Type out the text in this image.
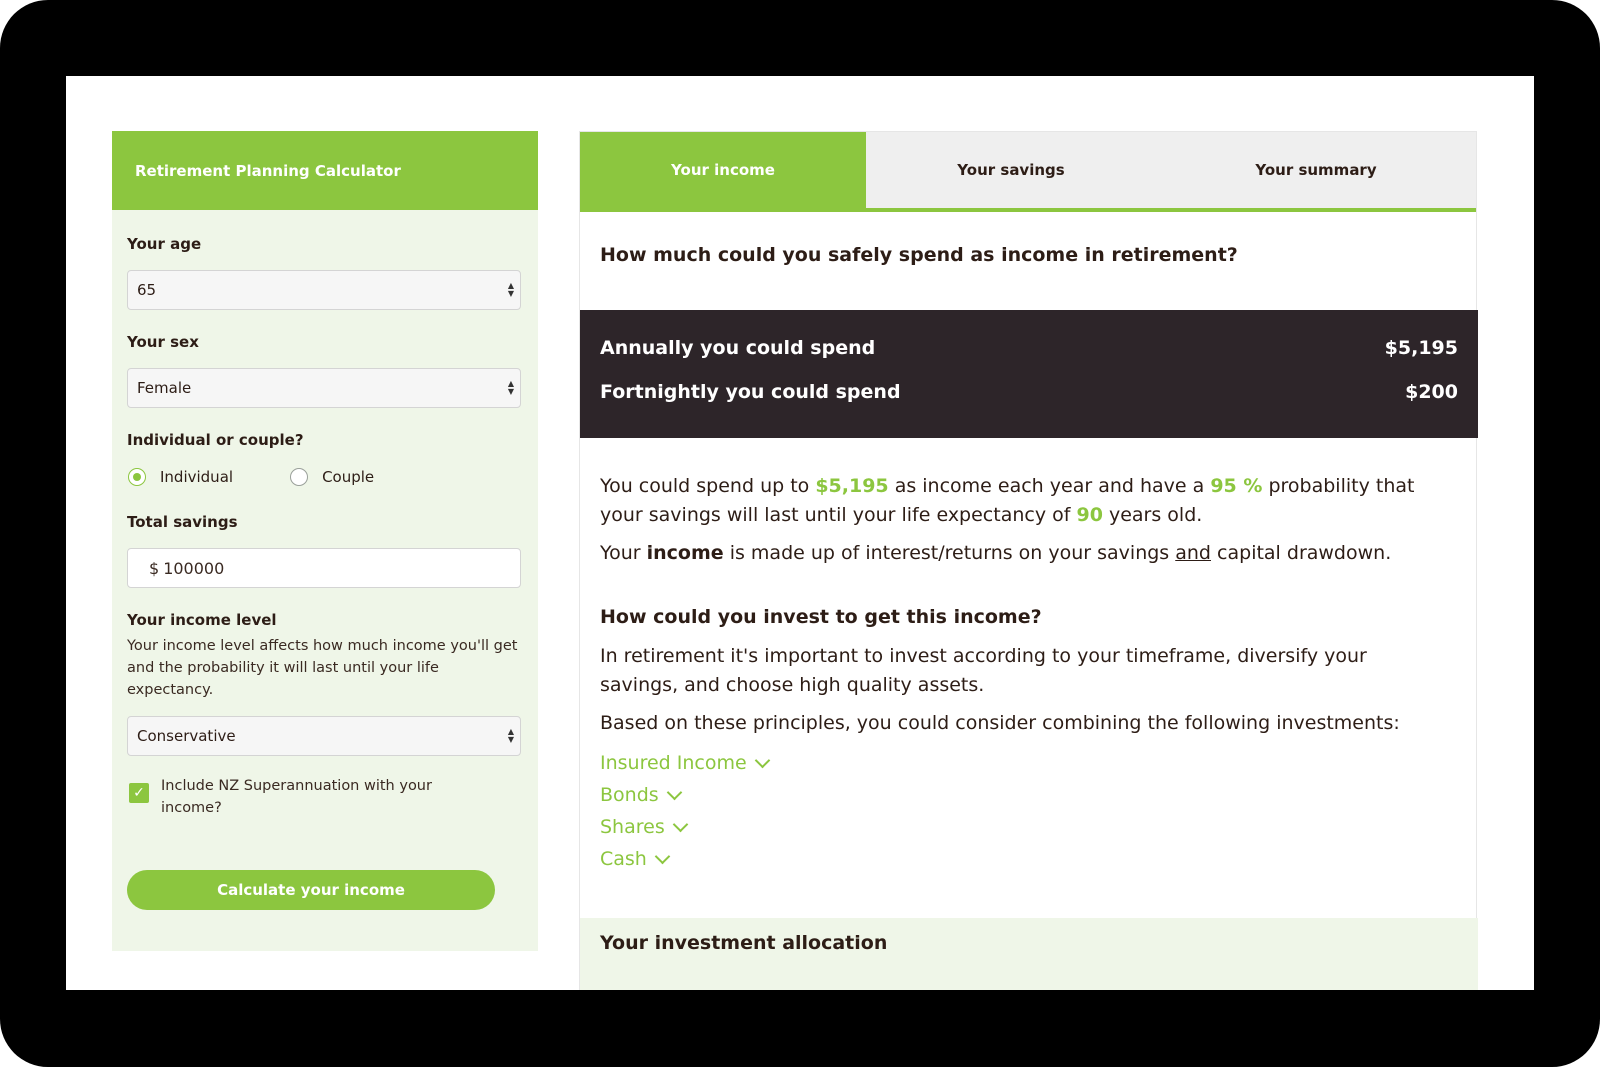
Retirement Planning Calculator
Your age
65	▲
▼
Your sex
Female	▲
▼
Individual or couple?
Individual	Couple
Total savings
$ 100000
Your income level
Your income level affects how much income you'll get and the probability it will last until your life expectancy.
Conservative	▲
▼
✓ Include NZ Superannuation with your income?
Calculate your income
Your income	Your savings	Your summary
How much could you safely spend as income in retirement?
Annually you could spend	$5,195
Fortnightly you could spend	$200
You could spend up to $5,195 as income each year and have a 95 % probability that your savings will last until your life expectancy of 90 years old.
Your income is made up of interest/returns on your savings and capital drawdown.
How could you invest to get this income?
In retirement it's important to invest according to your timeframe, diversify your savings, and choose high quality assets.
Based on these principles, you could consider combining the following investments:
Insured Income
Bonds
Shares
Cash
Your investment allocation
